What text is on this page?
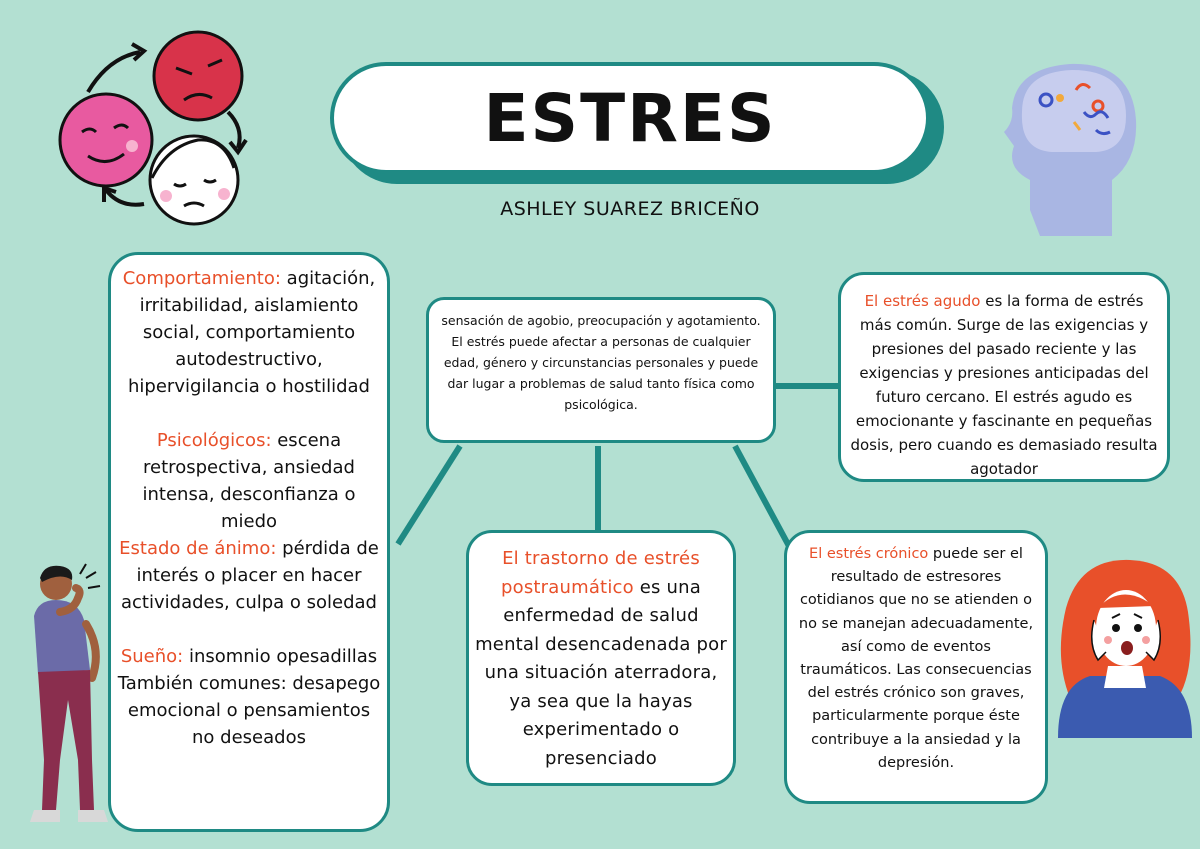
ESTRES
ASHLEY SUAREZ BRICEÑO

Comportamiento: agitación, irritabilidad, aislamiento social, comportamiento autodestructivo, hipervigilancia o hostilidad

Psicológicos: escena retrospectiva, ansiedad intensa, desconfianza o miedo

Estado de ánimo: pérdida de interés o placer en hacer actividades, culpa o soledad

Sueño: insomnio opesadillas

También comunes: desapego emocional o pensamientos no deseados

sensación de agobio, preocupación y agotamiento. El estrés puede afectar a personas de cualquier edad, género y circunstancias personales y puede dar lugar a problemas de salud tanto física como psicológica.
El estrés agudo es la forma de estrés más común. Surge de las exigencias y presiones del pasado reciente y las exigencias y presiones anticipadas del futuro cercano. El estrés agudo es emocionante y fascinante en pequeñas dosis, pero cuando es demasiado resulta agotador
El trastorno de estrés postraumático es una enfermedad de salud mental desencadenada por una situación aterradora, ya sea que la hayas experimentado o presenciado
El estrés crónico puede ser el resultado de estresores cotidianos que no se atienden o no se manejan adecuadamente, así como de eventos traumáticos. Las consecuencias del estrés crónico son graves, particularmente porque éste contribuye a la ansiedad y la depresión.
